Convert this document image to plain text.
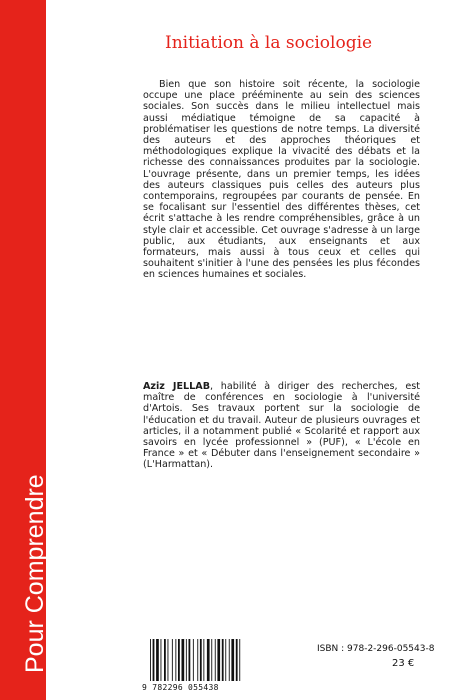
Pour Comprendre
Initiation à la sociologie

Bien que son histoire soit récente, la sociologie occupe une place prééminente au sein des sciences sociales. Son succès dans le milieu intellectuel mais aussi médiatique témoigne de sa capacité à problématiser les questions de notre temps. La diversité des auteurs et des approches théoriques et méthodologiques explique la vivacité des débats et la richesse des connaissances produites par la sociologie. L'ouvrage présente, dans un premier temps, les idées des auteurs classiques puis celles des auteurs plus contemporains, regroupées par courants de pensée. En se focalisant sur l'essentiel des différentes thèses, cet écrit s'attache à les rendre compréhensibles, grâce à un style clair et accessible. Cet ouvrage s'adresse à un large public, aux étudiants, aux enseignants et aux formateurs, mais aussi à tous ceux et celles qui souhaitent s'initier à l'une des pensées les plus fécondes en sciences humaines et sociales.

Aziz JELLAB, habilité à diriger des recherches, est maître de conférences en sociologie à l'université d'Artois. Ses travaux portent sur la sociologie de l'éducation et du travail. Auteur de plusieurs ouvrages et articles, il a notamment publié « Scolarité et rapport aux savoirs en lycée professionnel » (PUF), « L'école en France » et « Débuter dans l'enseignement secondaire » (L'Harmattan).
9 782296 055438
ISBN : 978-2-296-05543-8
23 €
